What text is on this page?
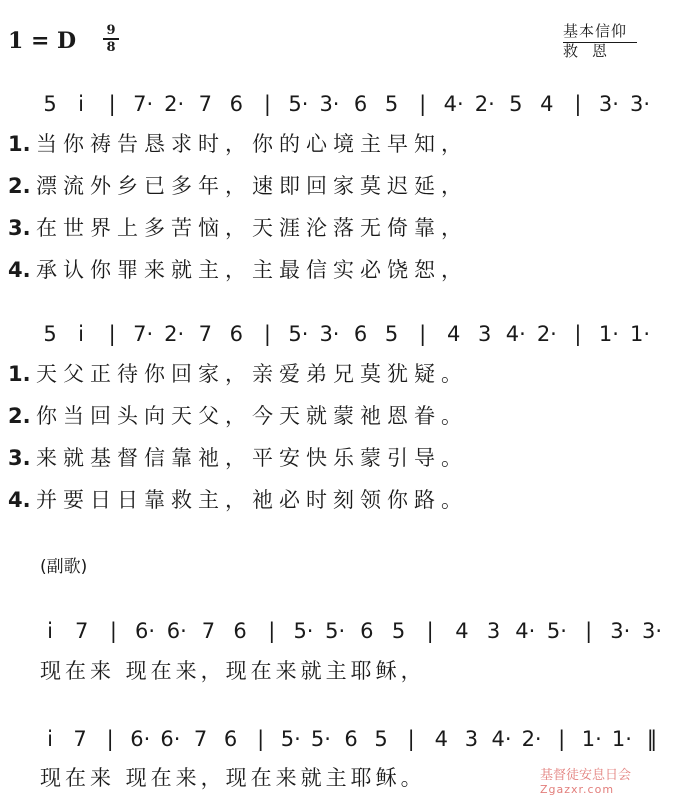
1 = D 9
8
基本信仰
救恩
5 i | 7· 2· 7 6 | 5· 3· 6 5 | 4· 2· 5 4 | 3· 3·
1. 当你祷告恳求时，你的心境主早知，
2. 漂流外乡已多年，速即回家莫迟延，
3. 在世界上多苦恼，天涯沦落无倚靠，
4. 承认你罪来就主，主最信实必饶恕，
5 i | 7· 2· 7 6 | 5· 3· 6 5 | 4 3 4· 2· | 1· 1·
1. 天父正待你回家，亲爱弟兄莫犹疑。
2. 你当回头向天父，今天就蒙祂恩眷。
3. 来就基督信靠祂，平安快乐蒙引导。
4. 并要日日靠救主，祂必时刻领你路。
(副歌)
i 7 | 6· 6· 7 6 | 5· 5· 6 5 | 4 3 4· 5· | 3· 3·
现在来 现在来，现在来就主耶稣，
i 7 | 6· 6· 7 6 | 5· 5· 6 5 | 4 3 4· 2· | 1· 1· ‖
现在来 现在来，现在来就主耶稣。	基督徒安息日会
Zgazxr.com
